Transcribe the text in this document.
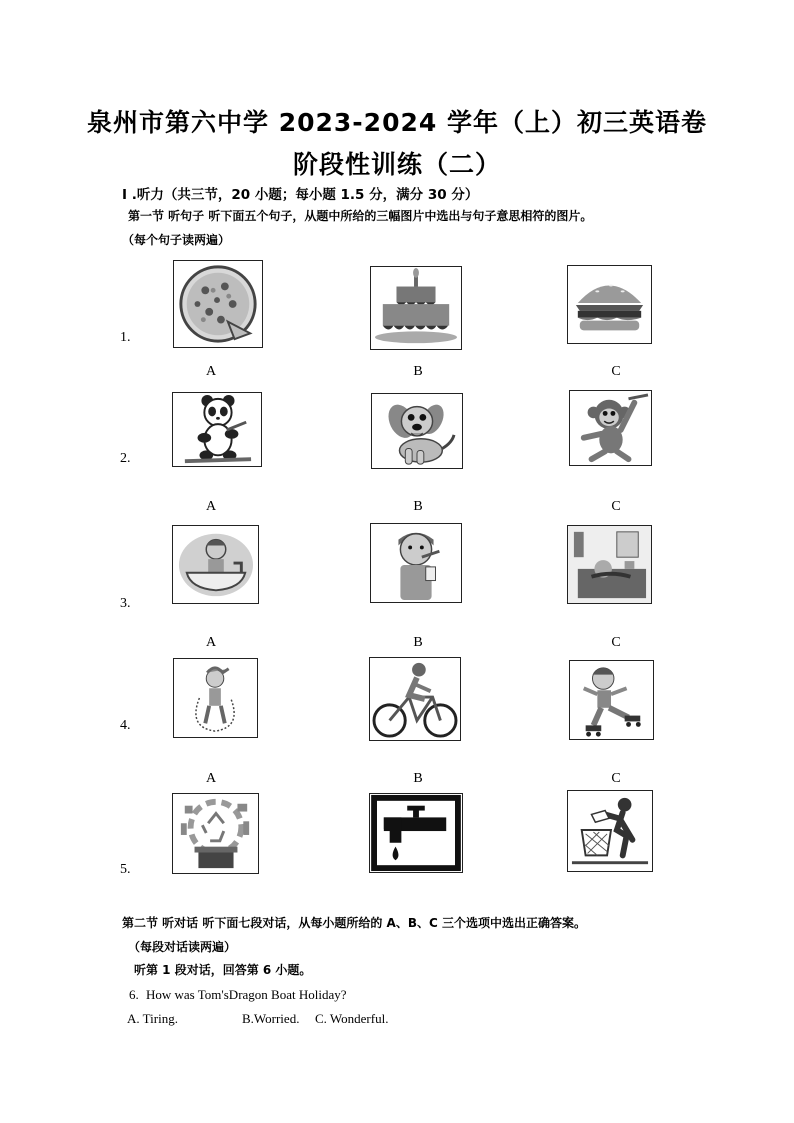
泉州市第六中学 2023-2024 学年（上）初三英语卷
阶段性训练（二）
I .听力（共三节，20 小题；每小题 1.5 分，满分 30 分）
第一节 听句子 听下面五个句子，从题中所给的三幅图片中选出与句子意思相符的图片。
（每个句子读两遍）
1.
A	B	C
2.
A	B	C
3.
A	B	C
4.
A	B	C
5.
第二节 听对话 听下面七段对话，从每小题所给的 A、B、C 三个选项中选出正确答案。
（每段对话读两遍）
听第 1 段对话，回答第 6 小题。
6. How was Tom'sDragon Boat Holiday?
A. Tiring.	B.Worried. C. Wonderful.
